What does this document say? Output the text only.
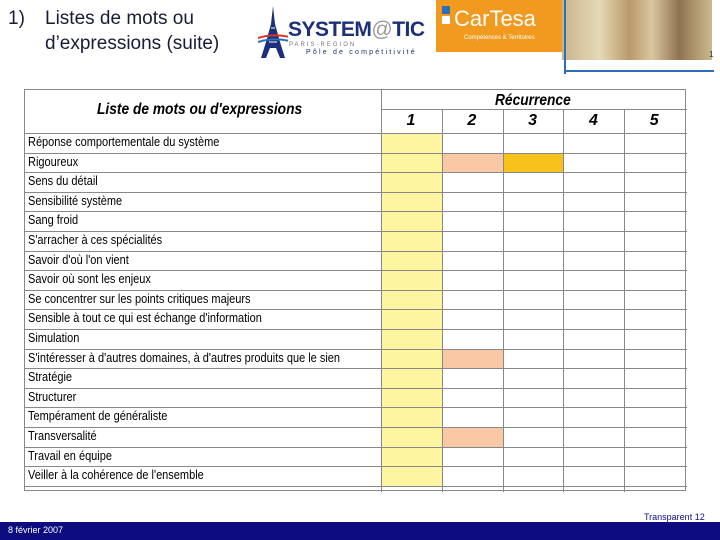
1) Listes de mots ou d’expressions (suite)
SYSTEM@TIC
PARIS-REGION
Pôle de compétitivité
CarTesa
Compétences & Territoires
1
Liste de mots ou d'expressions
Récurrence
1	2	3	4	5
Réponse comportementale du système
Rigoureux
Sens du détail
Sensibilité système
Sang froid
S'arracher à ces spécialités
Savoir d'où l'on vient
Savoir où sont les enjeux
Se concentrer sur les points critiques majeurs
Sensible à tout ce qui est échange d'information
Simulation
S'intéresser à d'autres domaines, à d'autres produits que le sien
Stratégie
Structurer
Tempérament de généraliste
Transversalité
Travail en équipe
Veiller à la cohérence de l'ensemble
8 février 2007
Transparent 12
